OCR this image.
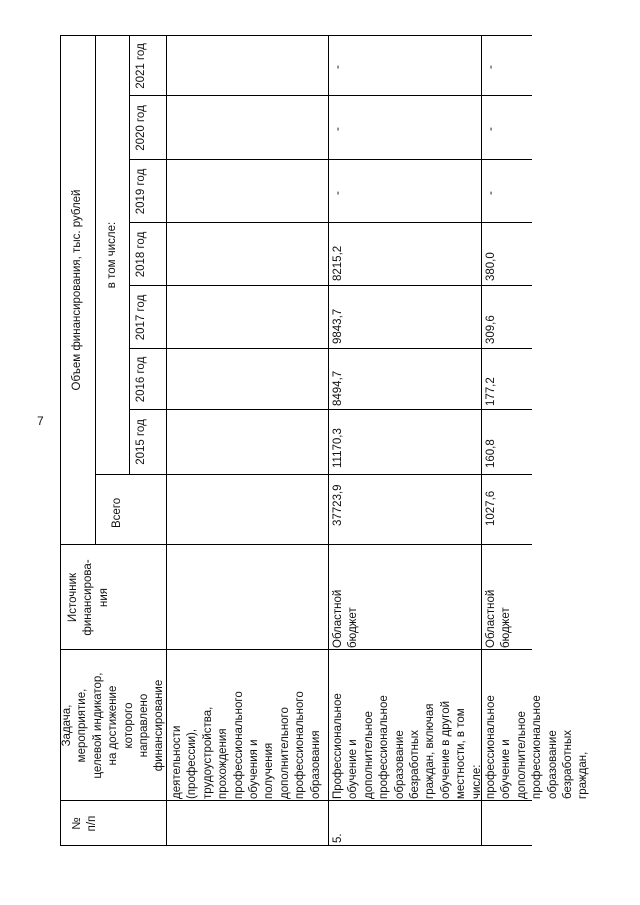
7
№
п/п
Задача,
мероприятие,
целевой индикатор,
на достижение
которого
направлено
финансирование
Источник
финансирова-
ния
Объем финансирования, тыс. рублей
Всего
в том числе:
2015 год
2016 год
2017 год
2018 год
2019 год
2020 год
2021 год
деятельности
(профессии),
трудоустройства,
прохождения
профессионального
обучения и
получения
дополнительного
профессионального
образования
5.
Профессиональное
обучение и
дополнительное
профессиональное
образование
безработных
граждан, включая
обучение в другой
местности, в том
числе:
Областной
бюджет
37723,9
11170,3
8494,7
9843,7
8215,2
-
-
-
профессиональное
обучение и
дополнительное
профессиональное
образование
безработных
граждан,
Областной
бюджет
1027,6
160,8
177,2
309,6
380,0
-
-
-
